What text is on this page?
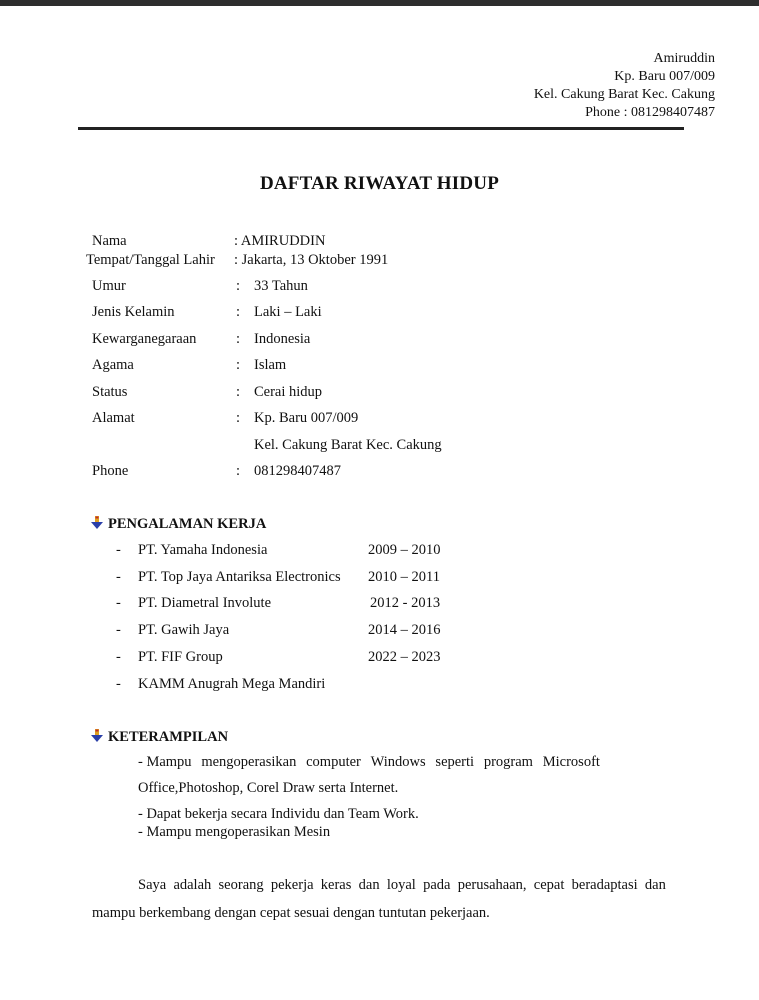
Amiruddin
Kp. Baru 007/009
Kel. Cakung Barat Kec. Cakung
Phone : 081298407487
DAFTAR RIWAYAT HIDUP
Nama	: AMIRUDDIN
Tempat/Tanggal Lahir : Jakarta, 13 Oktober 1991
Umur	: 33 Tahun
Jenis Kelamin	: Laki – Laki
Kewarganegaraan	: Indonesia
Agama	: Islam
Status	: Cerai hidup
Alamat	: Kp. Baru 007/009
Kel. Cakung Barat Kec. Cakung
Phone	: 081298407487
PENGALAMAN KERJA
- PT. Yamaha Indonesia	2009 – 2010
- PT. Top Jaya Antariksa Electronics 2010 – 2011
- PT. Diametral Involute	2012 - 2013
- PT. Gawih Jaya	2014 – 2016
- PT. FIF Group	2022 – 2023
- KAMM Anugrah Mega Mandiri
KETERAMPILAN
- Mampu mengoperasikan computer Windows seperti program Microsoft
Office,Photoshop, Corel Draw serta Internet.
- Dapat bekerja secara Individu dan Team Work.
- Mampu mengoperasikan Mesin
Saya adalah seorang pekerja keras dan loyal pada perusahaan, cepat beradaptasi dan
mampu berkembang dengan cepat sesuai dengan tuntutan pekerjaan.
